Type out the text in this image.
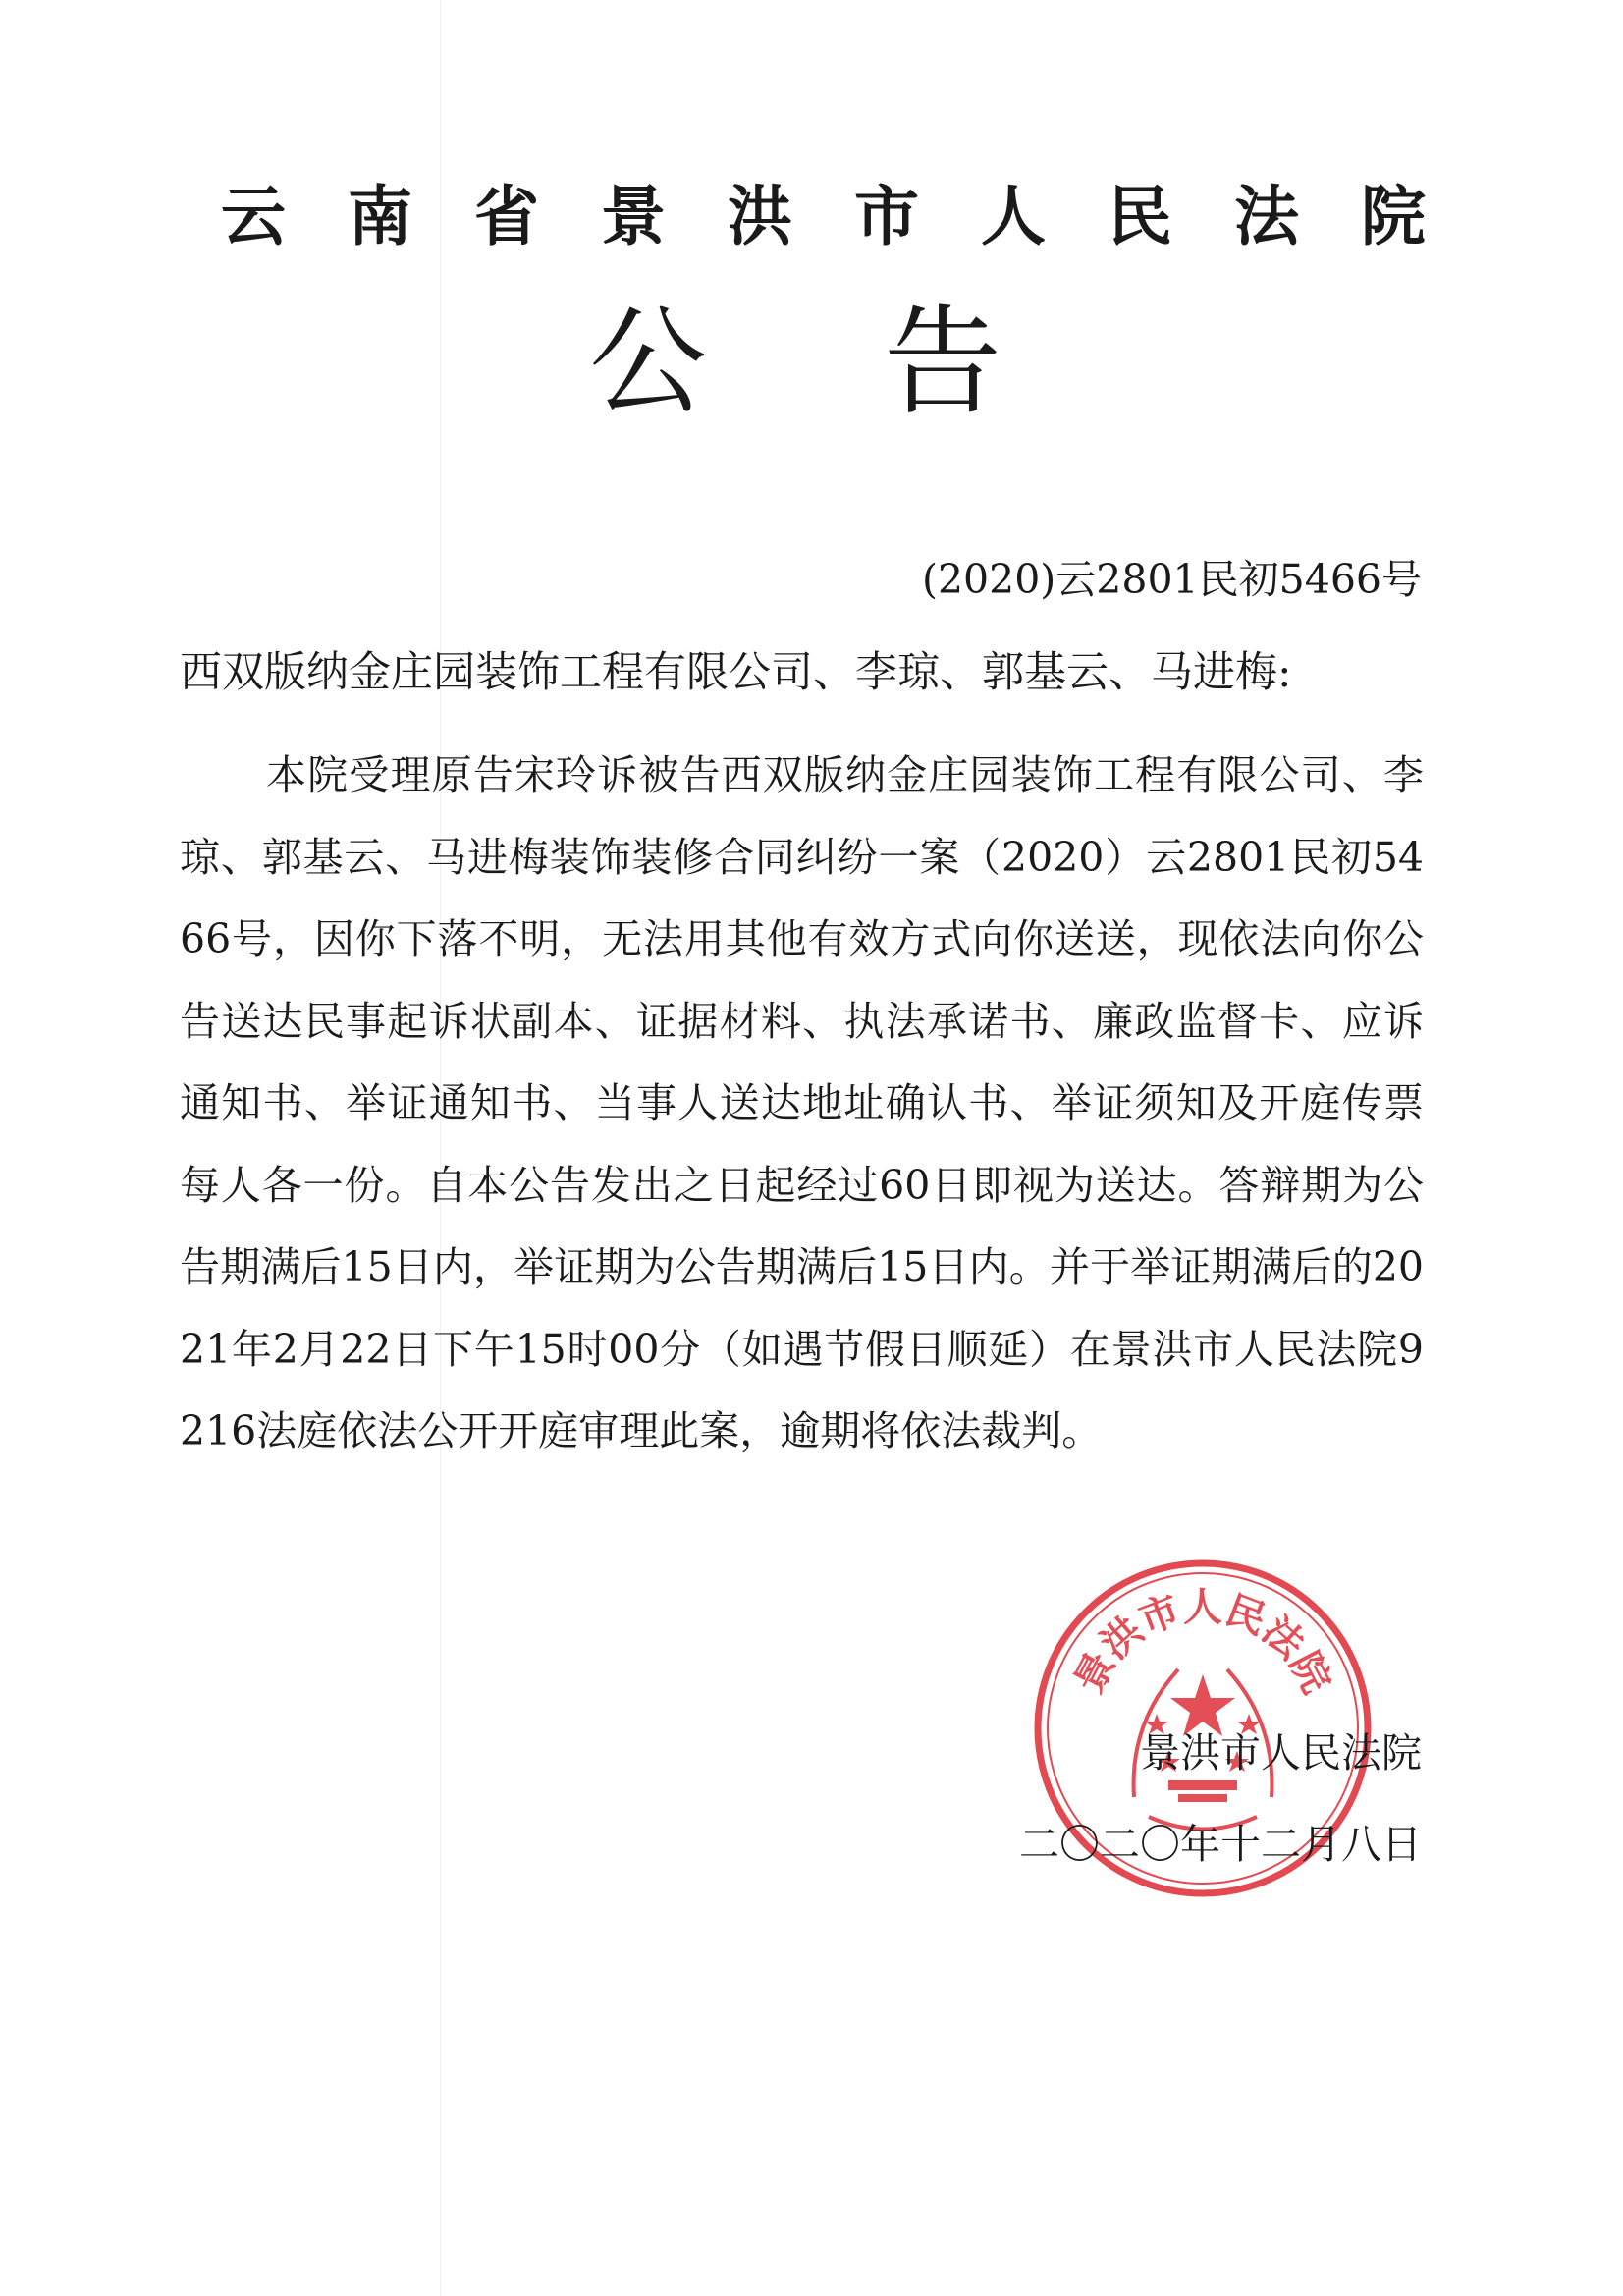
云南省景洪市人民法院
公告
(2020)云2801民初5466号
西双版纳金庄园装饰工程有限公司、李琼、郭基云、马进梅:
本院受理原告宋玲诉被告西双版纳金庄园装饰工程有限公司、李琼、郭基云、马进梅装饰装修合同纠纷一案（2020）云2801民初5466号，因你下落不明，无法用其他有效方式向你送送，现依法向你公告送达民事起诉状副本、证据材料、执法承诺书、廉政监督卡、应诉通知书、举证通知书、当事人送达地址确认书、举证须知及开庭传票每人各一份。自本公告发出之日起经过60日即视为送达。答辩期为公告期满后15日内，举证期为公告期满后15日内。并于举证期满后的2021年2月22日下午15时00分（如遇节假日顺延）在景洪市人民法院9216法庭依法公开开庭审理此案，逾期将依法裁判。
景洪市人民法院
景洪市人民法院
二〇二〇年十二月八日
